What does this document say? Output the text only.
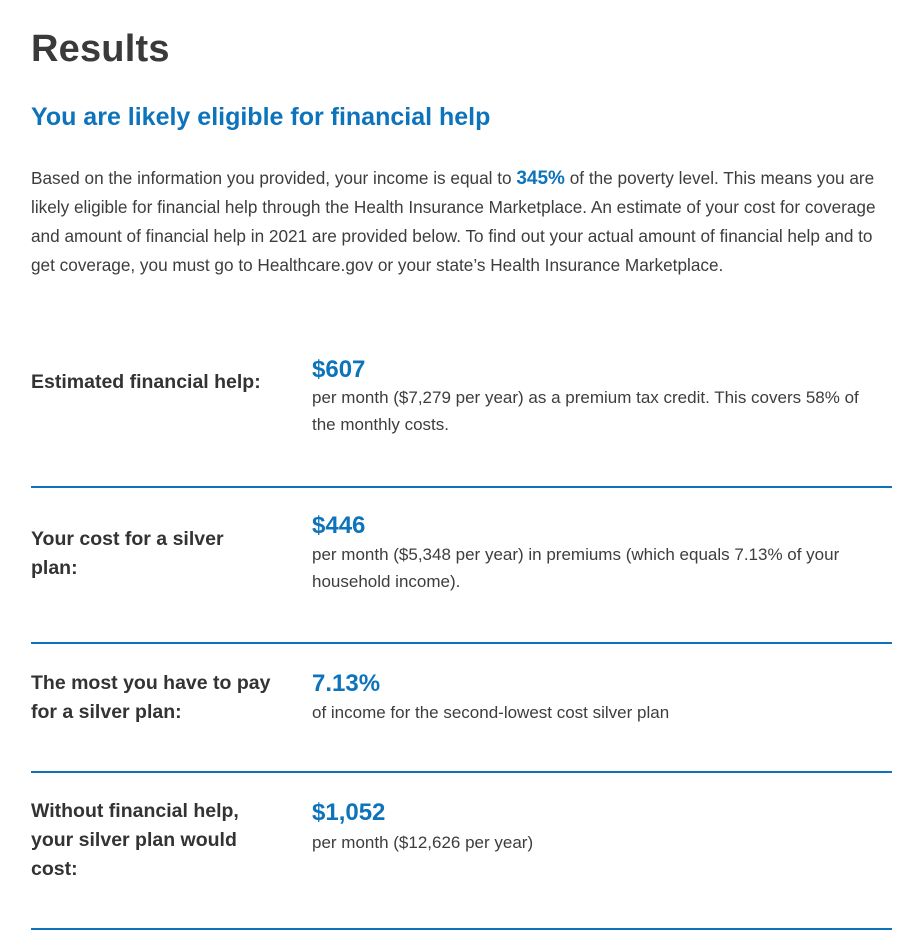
Results
You are likely eligible for financial help

Based on the information you provided, your income is equal to 345% of the poverty level. This means you are likely eligible for financial help through the Health Insurance Marketplace. An estimate of your cost for coverage and amount of financial help in 2021 are provided below. To find out your actual amount of financial help and to get coverage, you must go to Healthcare.gov or your state’s Health Insurance Marketplace.

Estimated financial help:	$607

per month ($7,279 per year) as a premium tax credit. This covers 58% of the monthly costs.

Your cost for a silver plan:

$446

per month ($5,348 per year) in premiums (which equals 7.13% of your household income).

The most you have to pay for a silver plan:

7.13%

of income for the second-lowest cost silver plan

Without financial help, your silver plan would cost:

$1,052

per month ($12,626 per year)
